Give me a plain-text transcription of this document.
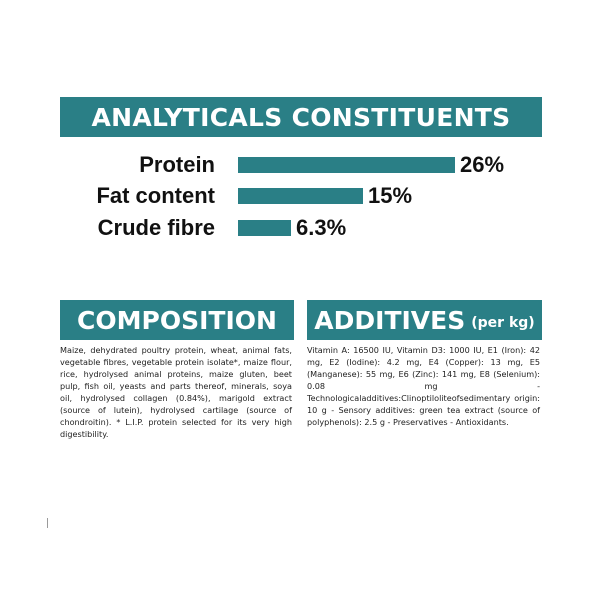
ANALYTICALS CONSTITUENTS
Protein	26%
Fat content	15%
Crude fibre	6.3%
COMPOSITION
Maize, dehydrated poultry protein, wheat, animal fats, vegetable fibres, vegetable protein isolate*, maize flour, rice, hydrolysed animal proteins, maize gluten, beet pulp, fish oil, yeasts and parts thereof, minerals, soya oil, hydrolysed collagen (0.84%), marigold extract (source of lutein), hydrolysed cartilage (source of chondroitin). * L.I.P. protein selected for its very high digestibility.
ADDITIVES (per kg)
Vitamin A: 16500 IU, Vitamin D3: 1000 IU, E1 (Iron): 42 mg, E2 (Iodine): 4.2 mg, E4 (Copper): 13 mg, E5 (Manganese): 55 mg, E6 (Zinc): 141 mg, E8 (Selenium): 0.08 mg - Technologicaladditives:Clinoptiloliteofsedimentary origin: 10 g - Sensory additives: green tea extract (source of polyphenols): 2.5 g - Preservatives - Antioxidants.
